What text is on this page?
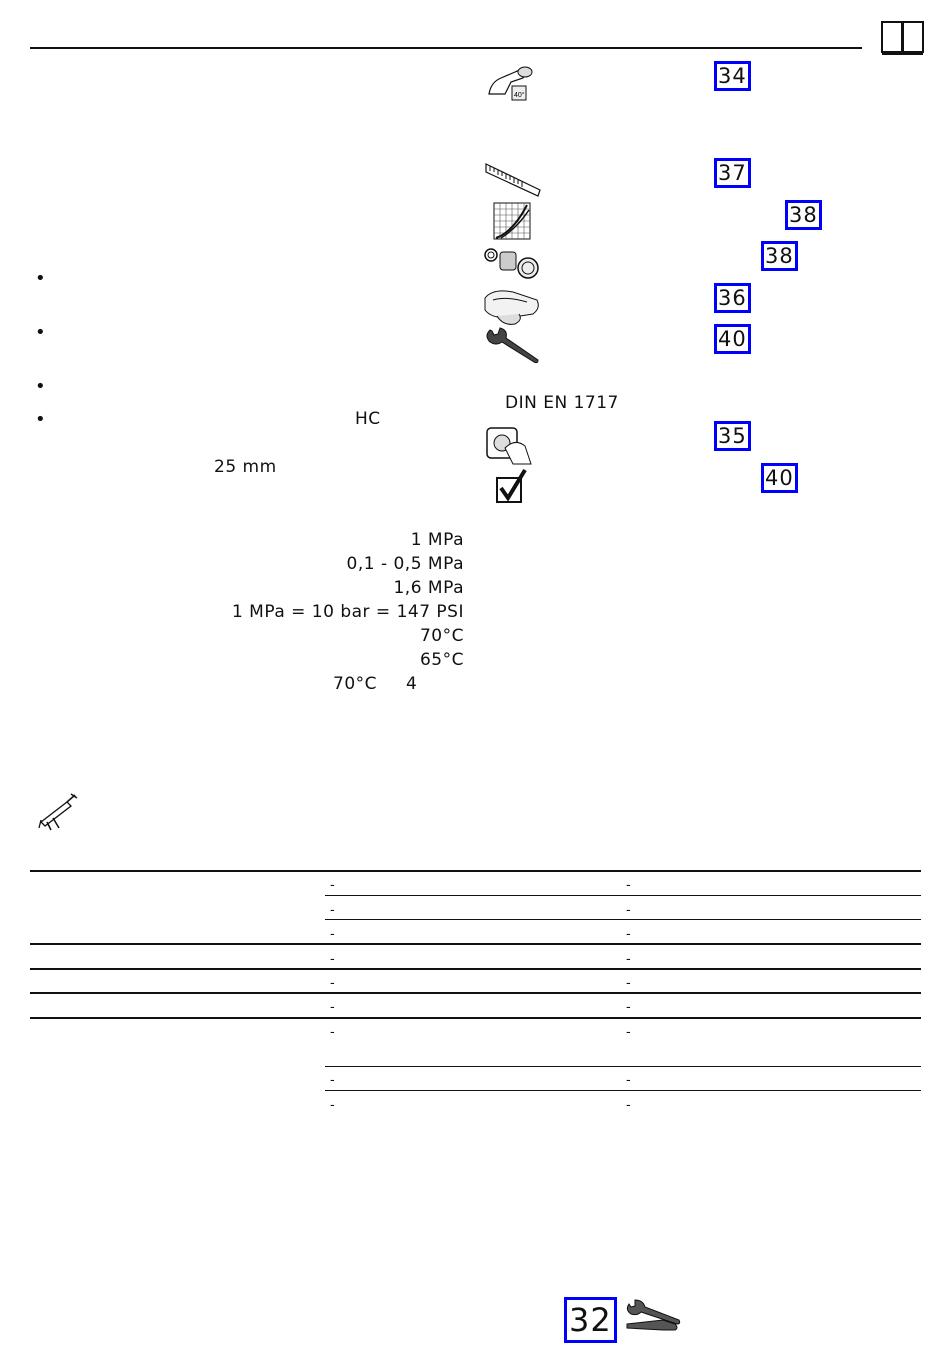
•
•
•
•	HC
25 mm
1 MPa
0,1 - 0,5 MPa
1,6 MPa
1 MPa = 10 bar = 147 PSI
70°C
65°C
70°C 4
40°
DIN EN 1717
34
37
38
38
36
40
35
40
-	-
-	-
-	-
-	-
-	-
-	-
-	-
-	-
-	-
32
